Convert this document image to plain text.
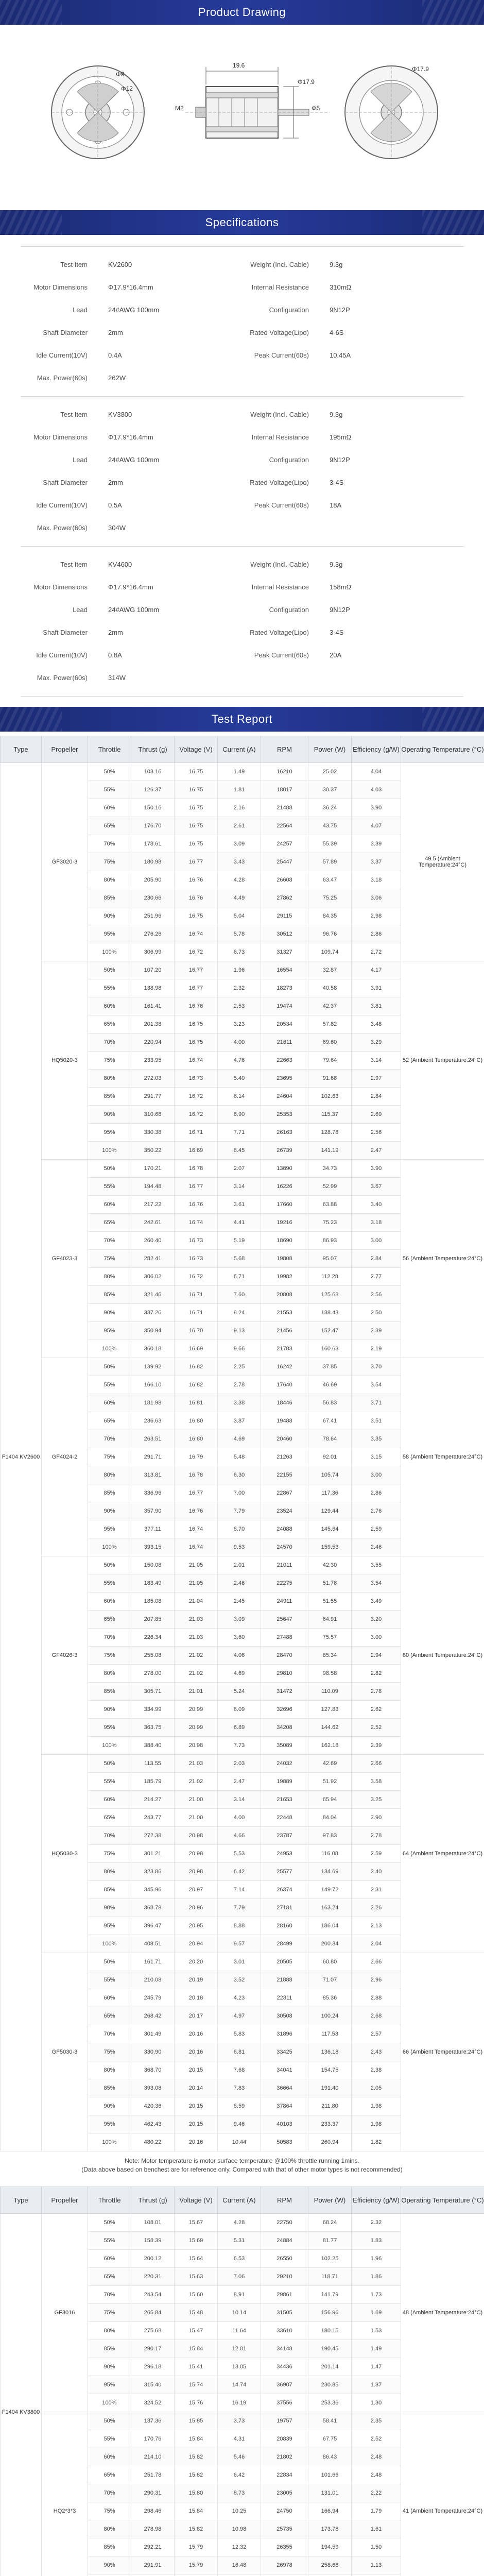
Product Drawing
Φ9
Φ12
19.6
Φ17.9
M2	Φ5
Φ17.9
Specifications
Test Item	KV2600	Weight (Incl. Cable)	9.3g
Motor Dimensions	Φ17.9*16.4mm	Internal Resistance	310mΩ
Lead	24#AWG 100mm	Configuration	9N12P
Shaft Diameter	2mm	Rated Voltage(Lipo)	4-6S
Idle Current(10V)	0.4A	Peak Current(60s)	10.45A
Max. Power(60s)	262W
Test Item	KV3800	Weight (Incl. Cable)	9.3g
Motor Dimensions	Φ17.9*16.4mm	Internal Resistance	195mΩ
Lead	24#AWG 100mm	Configuration	9N12P
Shaft Diameter	2mm	Rated Voltage(Lipo)	3-4S
Idle Current(10V)	0.5A	Peak Current(60s)	18A
Max. Power(60s)	304W
Test Item	KV4600	Weight (Incl. Cable)	9.3g
Motor Dimensions	Φ17.9*16.4mm	Internal Resistance	158mΩ
Lead	24#AWG 100mm	Configuration	9N12P
Shaft Diameter	2mm	Rated Voltage(Lipo)	3-4S
Idle Current(10V)	0.8A	Peak Current(60s)	20A
Max. Power(60s)	314W
Test Report
Type	Propeller	Throttle	Thrust (g)	Voltage (V)	Current (A)	RPM	Power (W)	Efficiency (g/W)	Operating Temperature (°C)
F1404 KV2600	GF3020-3	50%	103.16	16.75	1.49	16210	25.02	4.04	49.5 (Ambient Temperature:24°C)
		55%	126.37	16.75	1.81	18017	30.37	4.03	
		60%	150.16	16.75	2.16	21488	36.24	3.90	
		65%	176.70	16.75	2.61	22564	43.75	4.07	
		70%	178.61	16.75	3.09	24257	55.39	3.39	
		75%	180.98	16.77	3.43	25447	57.89	3.37	
		80%	205.90	16.76	4.28	26608	63.47	3.18	
		85%	230.66	16.76	4.49	27862	75.25	3.06	
		90%	251.96	16.75	5.04	29115	84.35	2.98	
		95%	276.26	16.74	5.78	30512	96.76	2.86	
		100%	306.99	16.72	6.73	31327	109.74	2.72	
	HQ5020-3	50%	107.20	16.77	1.96	16554	32.87	4.17	52 (Ambient Temperature:24°C)
		55%	138.98	16.77	2.32	18273	40.58	3.91	
		60%	161.41	16.76	2.53	19474	42.37	3.81	
		65%	201.38	16.75	3.23	20534	57.82	3.48	
		70%	220.94	16.75	4.00	21611	69.60	3.29	
		75%	233.95	16.74	4.76	22663	79.64	3.14	
		80%	272.03	16.73	5.40	23695	91.68	2.97	
		85%	291.77	16.72	6.14	24604	102.63	2.84	
		90%	310.68	16.72	6.90	25353	115.37	2.69	
		95%	330.38	16.71	7.71	26163	128.78	2.56	
		100%	350.22	16.69	8.45	26739	141.19	2.47	
	GF4023-3	50%	170.21	16.78	2.07	13890	34.73	3.90	56 (Ambient Temperature:24°C)
		55%	194.48	16.77	3.14	16226	52.99	3.67	
		60%	217.22	16.76	3.61	17660	63.88	3.40	
		65%	242.61	16.74	4.41	19216	75.23	3.18	
		70%	260.40	16.73	5.19	18690	86.93	3.00	
		75%	282.41	16.73	5.68	19808	95.07	2.84	
		80%	306.02	16.72	6.71	19982	112.28	2.77	
		85%	321.46	16.71	7.60	20808	125.68	2.56	
		90%	337.26	16.71	8.24	21553	138.43	2.50	
		95%	350.94	16.70	9.13	21456	152.47	2.39	
		100%	360.18	16.69	9.66	21783	160.63	2.19	
	GF4024-2	50%	139.92	16.82	2.25	16242	37.85	3.70	58 (Ambient Temperature:24°C)
		55%	166.10	16.82	2.78	17640	46.69	3.54	
		60%	181.98	16.81	3.38	18446	56.83	3.71	
		65%	236.63	16.80	3.87	19488	67.41	3.51	
		70%	263.51	16.80	4.69	20460	78.64	3.35	
		75%	291.71	16.79	5.48	21263	92.01	3.15	
		80%	313.81	16.78	6.30	22155	105.74	3.00	
		85%	336.96	16.77	7.00	22867	117.36	2.86	
		90%	357.90	16.76	7.79	23524	129.44	2.76	
		95%	377.11	16.74	8.70	24088	145.64	2.59	
		100%	393.15	16.74	9.53	24570	159.53	2.46	
	GF4026-3	50%	150.08	21.05	2.01	21011	42.30	3.55	60 (Ambient Temperature:24°C)
		55%	183.49	21.05	2.46	22275	51.78	3.54	
		60%	185.08	21.04	2.45	24911	51.55	3.49	
		65%	207.85	21.03	3.09	25647	64.91	3.20	
		70%	226.34	21.03	3.60	27488	75.57	3.00	
		75%	255.08	21.02	4.06	28470	85.34	2.94	
		80%	278.00	21.02	4.69	29810	98.58	2.82	
		85%	305.71	21.01	5.24	31472	110.09	2.78	
		90%	334.99	20.99	6.09	32696	127.83	2.62	
		95%	363.75	20.99	6.89	34208	144.62	2.52	
		100%	388.40	20.98	7.73	35089	162.18	2.39	
	HQ5030-3	50%	113.55	21.03	2.03	24032	42.69	2.66	64 (Ambient Temperature:24°C)
		55%	185.79	21.02	2.47	19889	51.92	3.58	
		60%	214.27	21.00	3.14	21653	65.94	3.25	
		65%	243.77	21.00	4.00	22448	84.04	2.90	
		70%	272.38	20.98	4.66	23787	97.83	2.78	
		75%	301.21	20.98	5.53	24953	116.08	2.59	
		80%	323.86	20.98	6.42	25577	134.69	2.40	
		85%	345.96	20.97	7.14	26374	149.72	2.31	
		90%	368.78	20.96	7.79	27181	163.24	2.26	
		95%	396.47	20.95	8.88	28160	186.04	2.13	
		100%	408.51	20.94	9.57	28499	200.34	2.04	
	GF5030-3	50%	161.71	20.20	3.01	20505	60.80	2.66	66 (Ambient Temperature:24°C)
		55%	210.08	20.19	3.52	21888	71.07	2.96	
		60%	245.79	20.18	4.23	22811	85.36	2.88	
		65%	268.42	20.17	4.97	30508	100.24	2.68	
		70%	301.49	20.16	5.83	31896	117.53	2.57	
		75%	330.90	20.16	6.81	33425	136.18	2.43	
		80%	368.70	20.15	7.68	34041	154.75	2.38	
		85%	393.08	20.14	7.83	36664	191.40	2.05	
		90%	420.36	20.15	8.59	37864	211.80	1.98	
		95%	462.43	20.15	9.46	40103	233.37	1.98	
		100%	480.22	20.16	10.44	50583	260.94	1.82	
Note: Motor temperature is motor surface temperature @100% throttle running 1mins.
(Data above based on benchest are for reference only. Compared with that of other motor types is not recommended)
Type	Propeller	Throttle	Thrust (g)	Voltage (V)	Current (A)	RPM	Power (W)	Efficiency (g/W)	Operating Temperature (°C)
F1404 KV3800	GF3016	50%	108.01	15.67	4.28	22750	68.24	2.32	48 (Ambient Temperature:24°C)
		55%	158.39	15.69	5.31	24884	81.77	1.83	
		60%	200.12	15.64	6.53	26550	102.25	1.96	
		65%	220.31	15.63	7.06	29210	118.71	1.86	
		70%	243.54	15.60	8.91	29861	141.79	1.73	
		75%	265.84	15.48	10.14	31505	156.96	1.69	
		80%	275.68	15.47	11.64	33610	180.15	1.53	
		85%	290.17	15.84	12.01	34148	190.45	1.49	
		90%	296.18	15.41	13.05	34436	201.14	1.47	
		95%	315.40	15.74	14.74	36907	230.85	1.37	
		100%	324.52	15.76	16.19	37556	253.36	1.30	
	HQ2*3*3	50%	137.36	15.85	3.73	19757	58.41	2.35	41 (Ambient Temperature:24°C)
		55%	170.76	15.84	4.31	20839	67.75	2.52	
		60%	214.10	15.82	5.46	21802	86.43	2.48	
		65%	251.78	15.82	6.42	22834	101.66	2.48	
		70%	290.31	15.80	8.73	23005	131.01	2.22	
		75%	298.46	15.84	10.25	24750	166.94	1.79	
		80%	278.98	15.82	10.98	25735	173.78	1.61	
		85%	292.21	15.79	12.32	26355	194.59	1.50	
		90%	291.91	15.79	16.48	26978	258.68	1.13	
